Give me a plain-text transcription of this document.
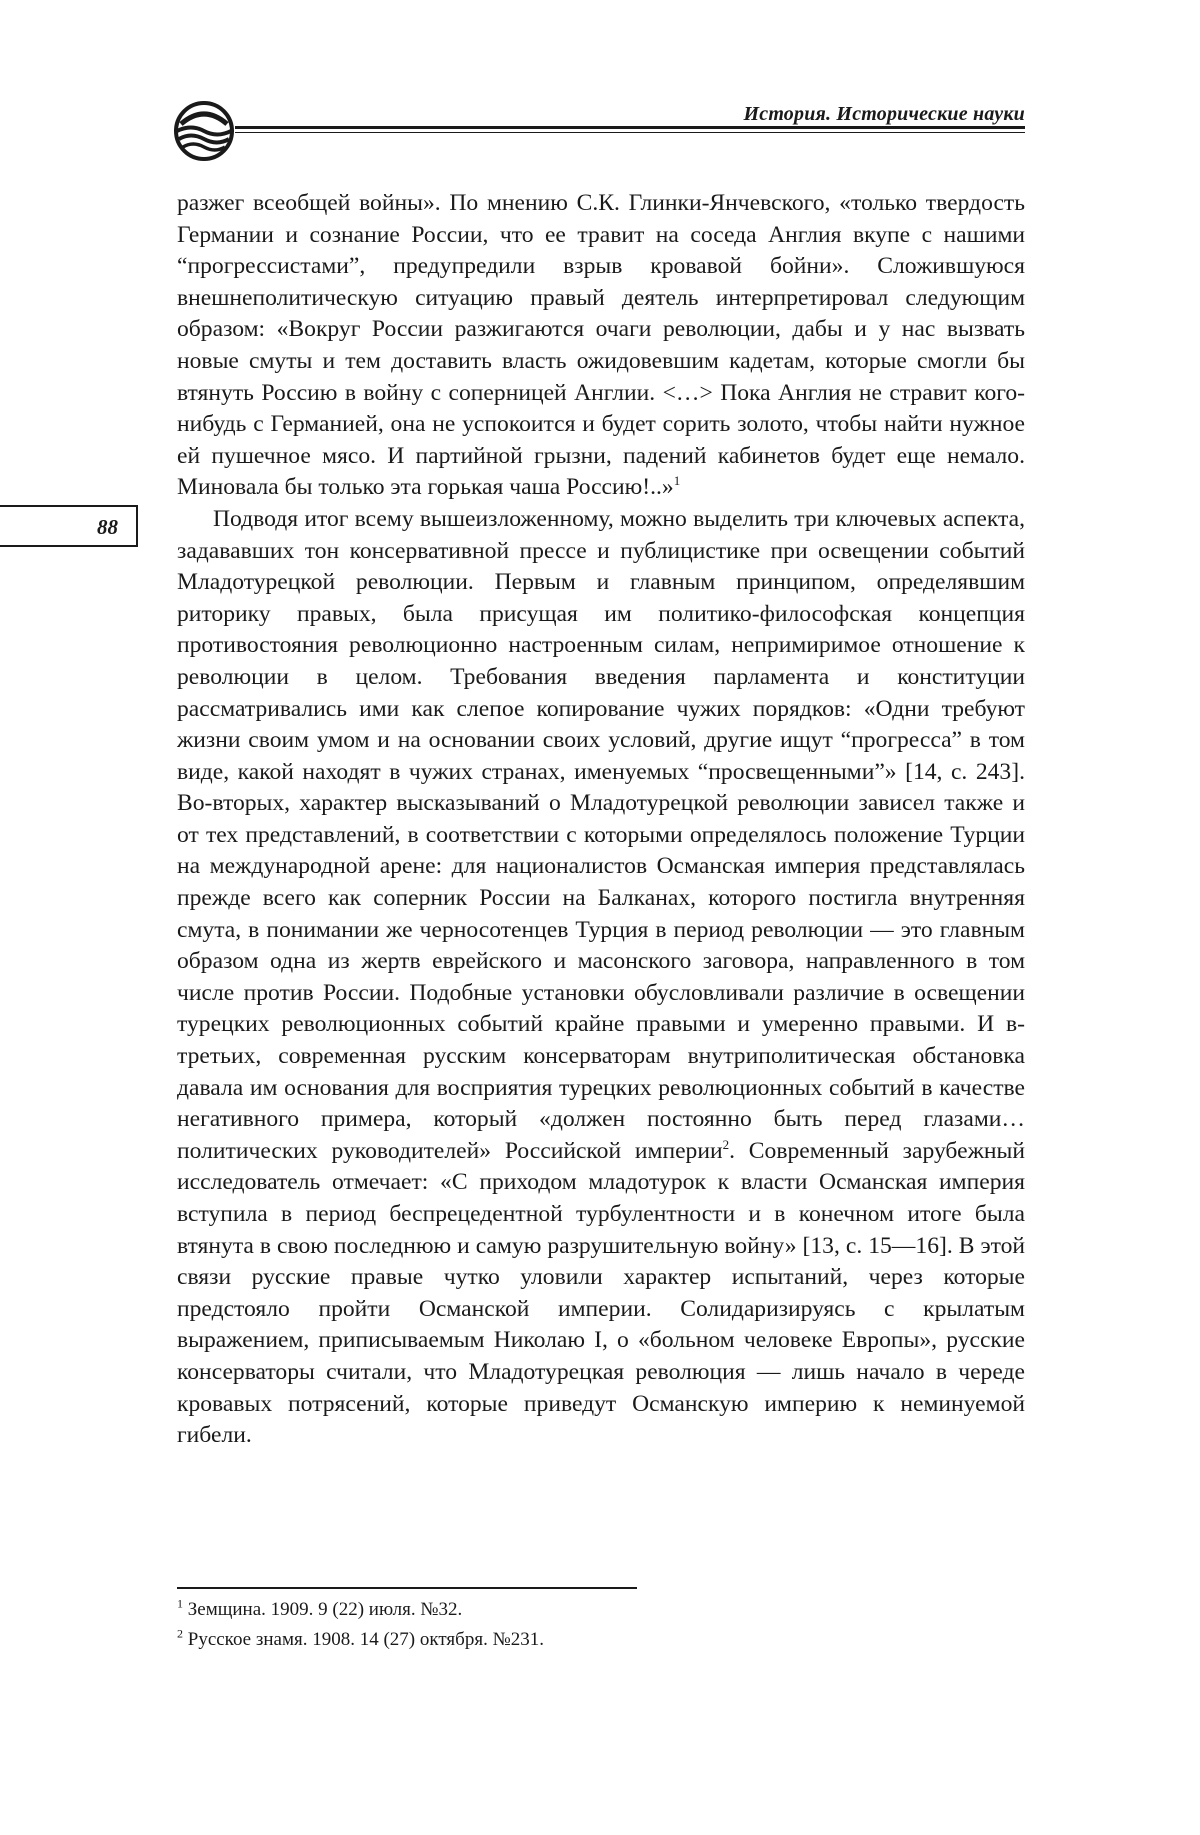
История. Исторические науки
88

разжег всеобщей войны». По мнению С.К. Глинки-Янчевского, «только твердость Германии и сознание России, что ее травит на соседа Англия вкупе с нашими “прогрессистами”, предупредили взрыв кровавой бойни». Сложившуюся внешнеполитическую ситуацию правый деятель интерпретировал следующим образом: «Вокруг России разжигаются очаги революции, дабы и у нас вызвать новые смуты и тем доставить власть ожидовевшим кадетам, которые смогли бы втянуть Россию в войну с соперницей Англии. <…> Пока Англия не стравит кого-нибудь с Германией, она не успокоится и будет сорить золото, чтобы найти нужное ей пушечное мясо. И партийной грызни, падений кабинетов будет еще немало. Миновала бы только эта горькая чаша Россию!..»$^1$

Подводя итог всему вышеизложенному, можно выделить три ключевых аспекта, задававших тон консервативной прессе и публицистике при освещении событий Младотурецкой революции. Первым и главным принципом, определявшим риторику правых, была присущая им политико-философская концепция противостояния революционно настроенным силам, непримиримое отношение к революции в целом. Требования введения парламента и конституции рассматривались ими как слепое копирование чужих порядков: «Одни требуют жизни своим умом и на основании своих условий, другие ищут “прогресса” в том виде, какой находят в чужих странах, именуемых “просвещенными”» [14, с. 243]. Во-вторых, характер высказываний о Младотурецкой революции зависел также и от тех представлений, в соответствии с которыми определялось положение Турции на международной арене: для националистов Османская империя представлялась прежде всего как соперник России на Балканах, которого постигла внутренняя смута, в понимании же черносотенцев Турция в период революции — это главным образом одна из жертв еврейского и масонского заговора, направленного в том числе против России. Подобные установки обусловливали различие в освещении турецких революционных событий крайне правыми и умеренно правыми. И в-третьих, современная русским консерваторам внутриполитическая обстановка давала им основания для восприятия турецких революционных событий в качестве негативного примера, который «должен постоянно быть перед глазами… политических руководителей» Российской империи$^2$. Современный зарубежный исследователь отмечает: «С приходом младотурок к власти Османская империя вступила в период беспрецедентной турбулентности и в конечном итоге была втянута в свою последнюю и самую разрушительную войну» [13, с. 15—16]. В этой связи русские правые чутко уловили характер испытаний, через которые предстояло пройти Османской империи. Солидаризируясь с крылатым выражением, приписываемым Николаю I, о «больном человеке Европы», русские консерваторы считали, что Младотурецкая революция — лишь начало в череде кровавых потрясений, которые приведут Османскую империю к неминуемой гибели.

$^1$ Земщина. 1909. 9 (22) июля. №32.

$^2$ Русское знамя. 1908. 14 (27) октября. №231.
